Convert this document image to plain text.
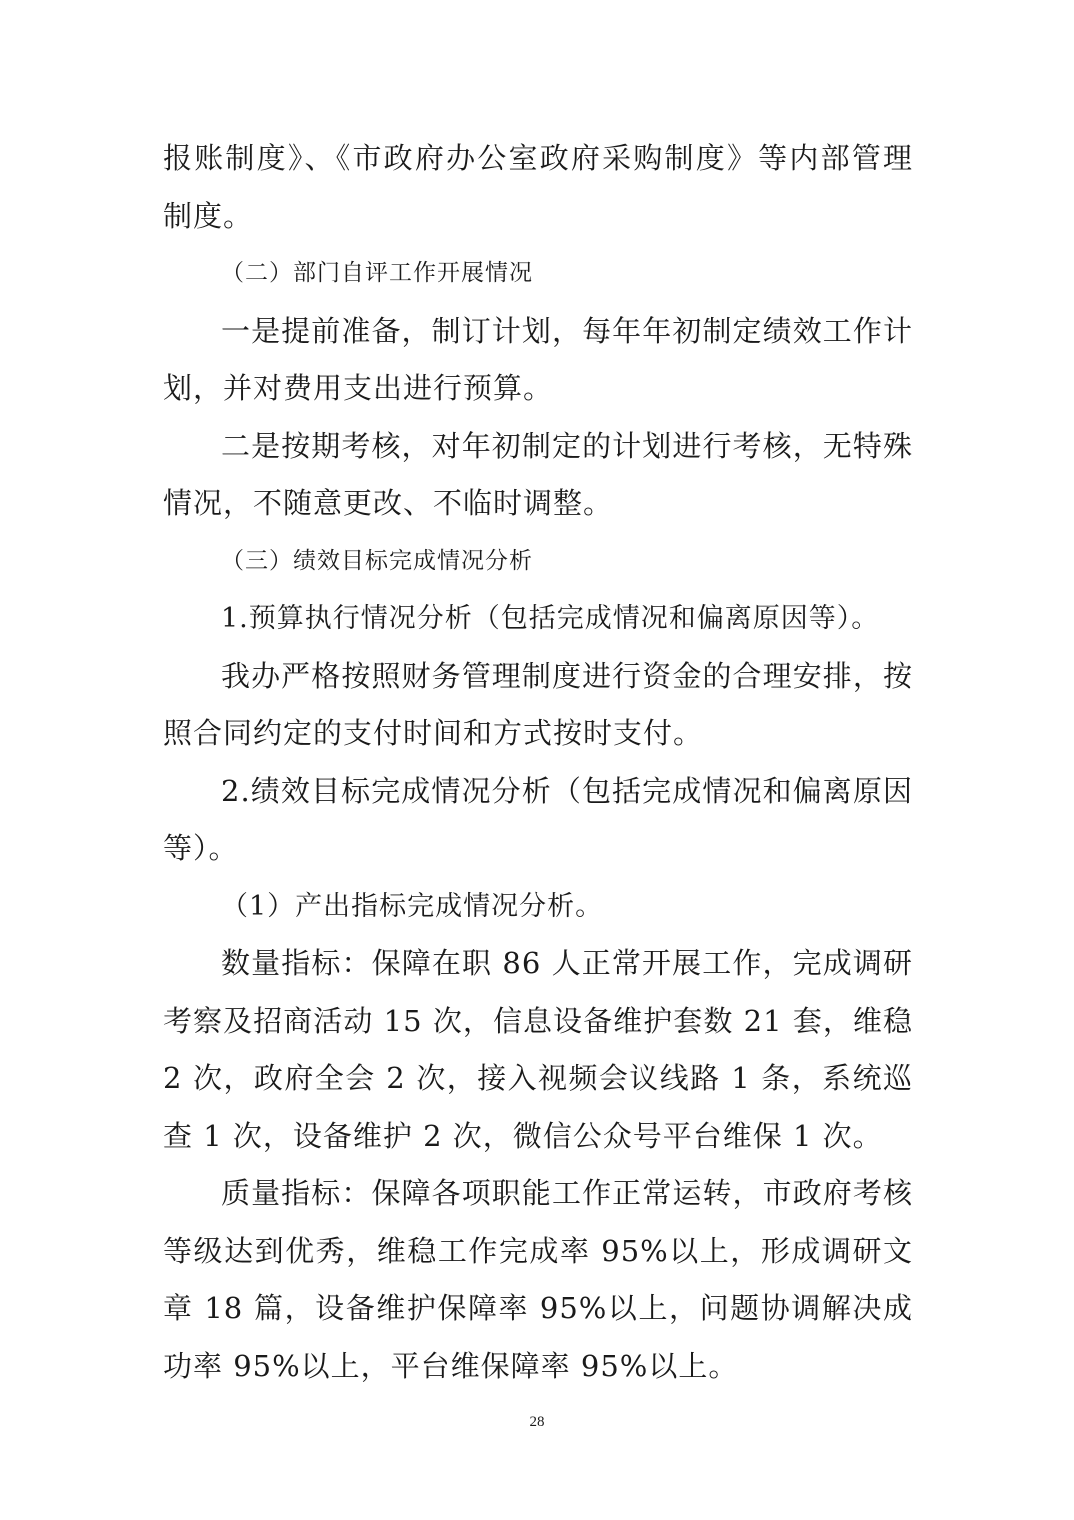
报账制度》、《市政府办公室政府采购制度》等内部管理制度。

（二）部门自评工作开展情况

一是提前准备，制订计划，每年年初制定绩效工作计划，并对费用支出进行预算。

二是按期考核，对年初制定的计划进行考核，无特殊情况，不随意更改、不临时调整。

（三）绩效目标完成情况分析

1.预算执行情况分析（包括完成情况和偏离原因等）。

我办严格按照财务管理制度进行资金的合理安排，按照合同约定的支付时间和方式按时支付。

2.绩效目标完成情况分析（包括完成情况和偏离原因等）。

（1）产出指标完成情况分析。

数量指标：保障在职 86 人正常开展工作，完成调研考察及招商活动 15 次，信息设备维护套数 21 套，维稳 2 次，政府全会 2 次，接入视频会议线路 1 条，系统巡查 1 次，设备维护 2 次，微信公众号平台维保 1 次。

质量指标：保障各项职能工作正常运转，市政府考核等级达到优秀，维稳工作完成率 95%以上，形成调研文章 18 篇，设备维护保障率 95%以上，问题协调解决成功率 95%以上，平台维保障率 95%以上。

28
